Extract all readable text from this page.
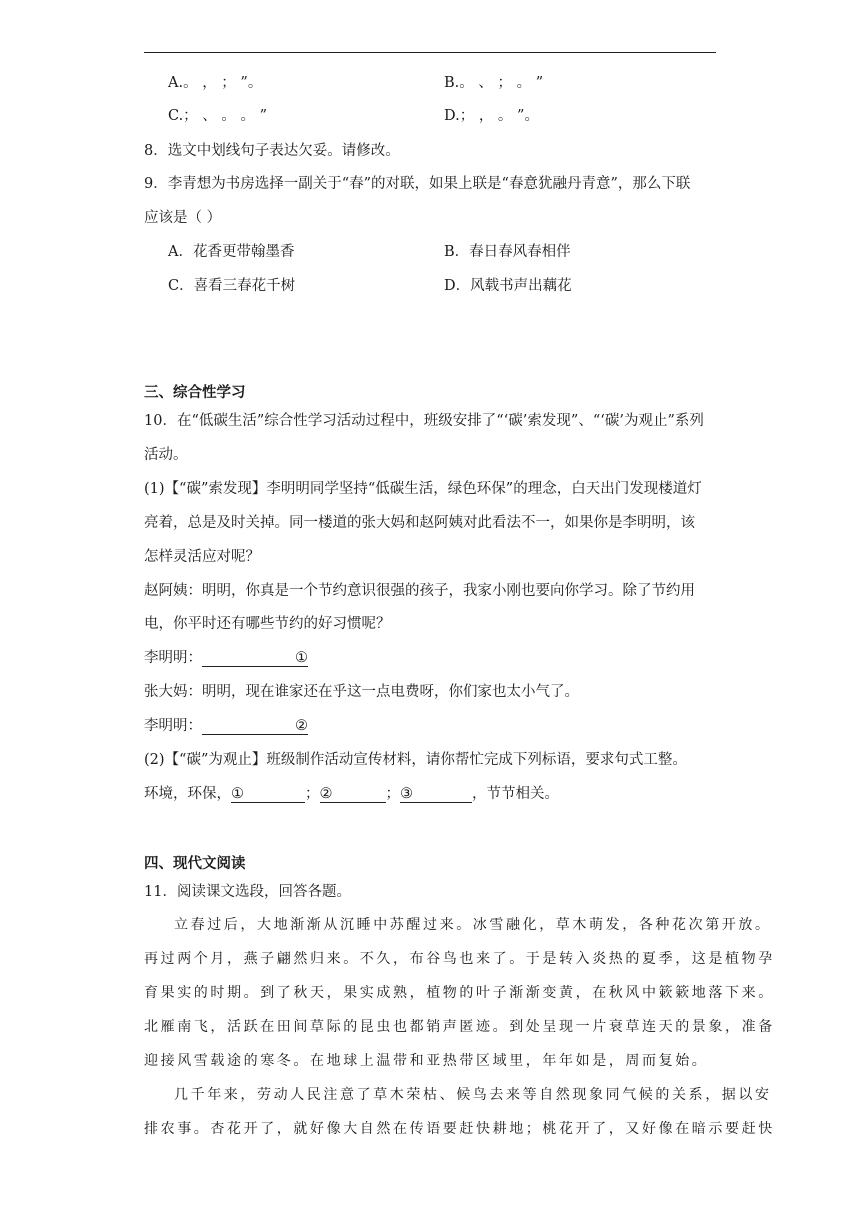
A.。 ， ； ”。	B.。 、 ； 。 ”
C.； 、 。 。 ”	D.； ， 。 ”。
8．选文中划线句子表达欠妥。请修改。
9．李青想为书房选择一副关于“春”的对联，如果上联是“春意犹融丹青意”，那么下联
应该是（ ）
A．花香更带翰墨香	B．春日春风春相伴
C．喜看三春花千树	D．风载书声出藕花
三、综合性学习
10．在“低碳生活”综合性学习活动过程中，班级安排了“‘碳’索发现”、“‘碳’为观止”系列
活动。
(1)【“碳”索发现】李明明同学坚持“低碳生活，绿色环保”的理念，白天出门发现楼道灯
亮着，总是及时关掉。同一楼道的张大妈和赵阿姨对此看法不一，如果你是李明明，该
怎样灵活应对呢？
赵阿姨：明明，你真是一个节约意识很强的孩子，我家小刚也要向你学习。除了节约用
电，你平时还有哪些节约的好习惯呢？
李明明：	①
张大妈：明明，现在谁家还在乎这一点电费呀，你们家也太小气了。
李明明：	②
(2)【“碳”为观止】班级制作活动宣传材料，请你帮忙完成下列标语，要求句式工整。
环境，环保，①	；②	；③	，节节相关。
四、现代文阅读
11．阅读课文选段，回答各题。
立春过后，大地渐渐从沉睡中苏醒过来。冰雪融化，草木萌发，各种花次第开放。
再过两个月，燕子翩然归来。不久，布谷鸟也来了。于是转入炎热的夏季，这是植物孕
育果实的时期。到了秋天，果实成熟，植物的叶子渐渐变黄，在秋风中簌簌地落下来。
北雁南飞，活跃在田间草际的昆虫也都销声匿迹。到处呈现一片衰草连天的景象，准备
迎接风雪载途的寒冬。在地球上温带和亚热带区域里，年年如是，周而复始。
几千年来，劳动人民注意了草木荣枯、候鸟去来等自然现象同气候的关系，据以安
排农事。杏花开了，就好像大自然在传语要赶快耕地；桃花开了，又好像在暗示要赶快
